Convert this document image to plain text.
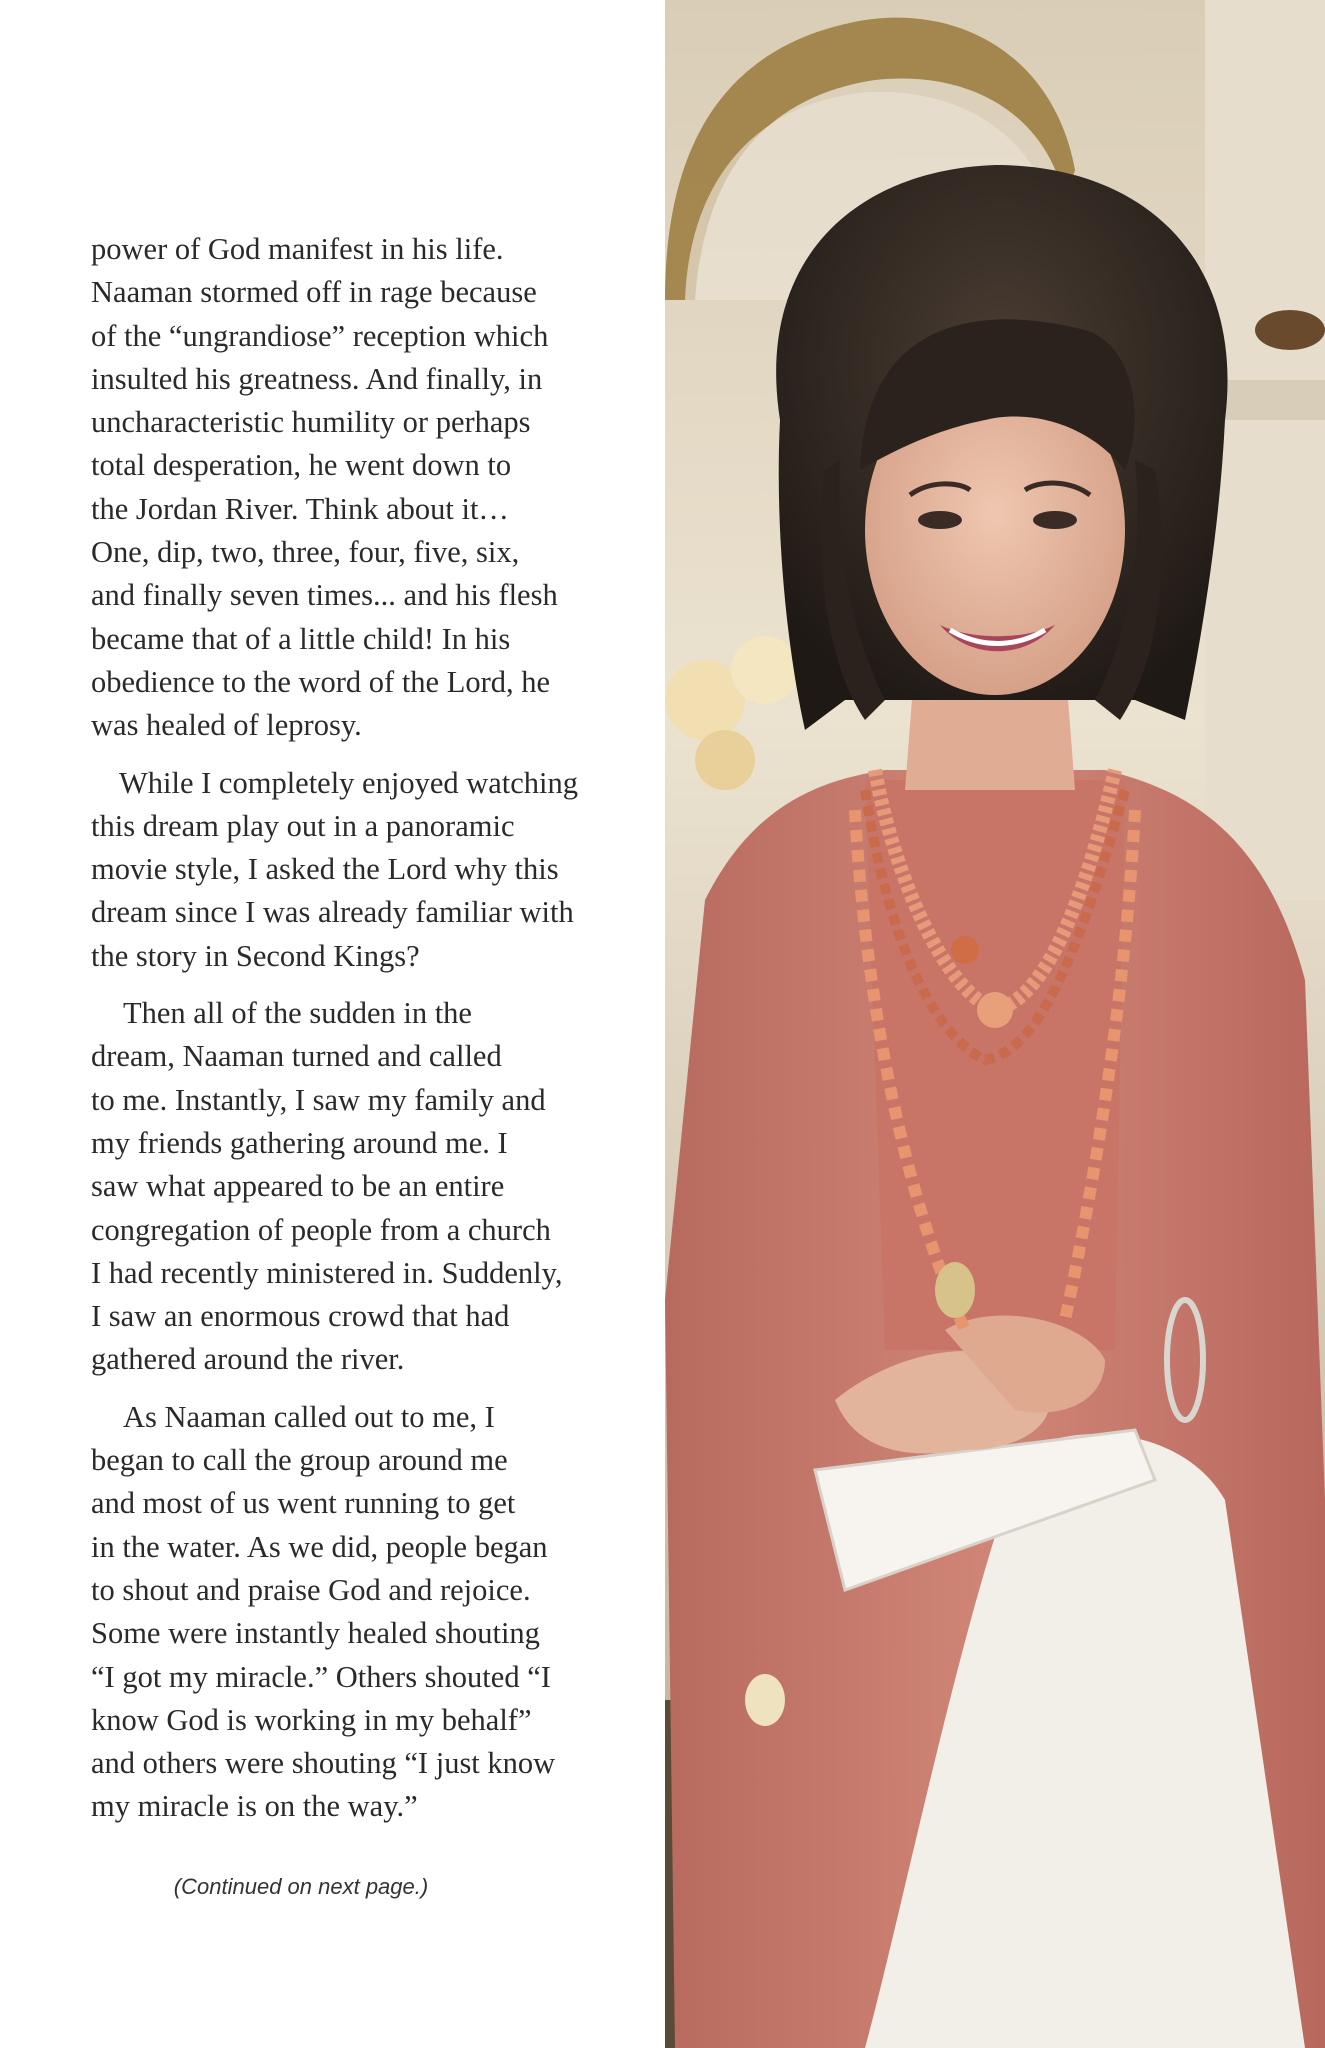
power of God manifest in his life.
Naaman stormed off in rage because
of the “ungrandiose” reception which
insulted his greatness. And finally, in
uncharacteristic humility or perhaps
total desperation, he went down to
the Jordan River. Think about it…
One, dip, two, three, four, five, six,
and finally seven times... and his flesh
became that of a little child! In his
obedience to the word of the Lord, he
was healed of leprosy.

While I completely enjoyed watching
this dream play out in a panoramic
movie style, I asked the Lord why this
dream since I was already familiar with
the story in Second Kings?

Then all of the sudden in the
dream, Naaman turned and called
to me. Instantly, I saw my family and
my friends gathering around me. I
saw what appeared to be an entire
congregation of people from a church
I had recently ministered in. Suddenly,
I saw an enormous crowd that had
gathered around the river.

As Naaman called out to me, I
began to call the group around me
and most of us went running to get
in the water. As we did, people began
to shout and praise God and rejoice.
Some were instantly healed shouting
“I got my miracle.” Others shouted “I
know God is working in my behalf”
and others were shouting “I just know
my miracle is on the way.”

(Continued on next page.)
